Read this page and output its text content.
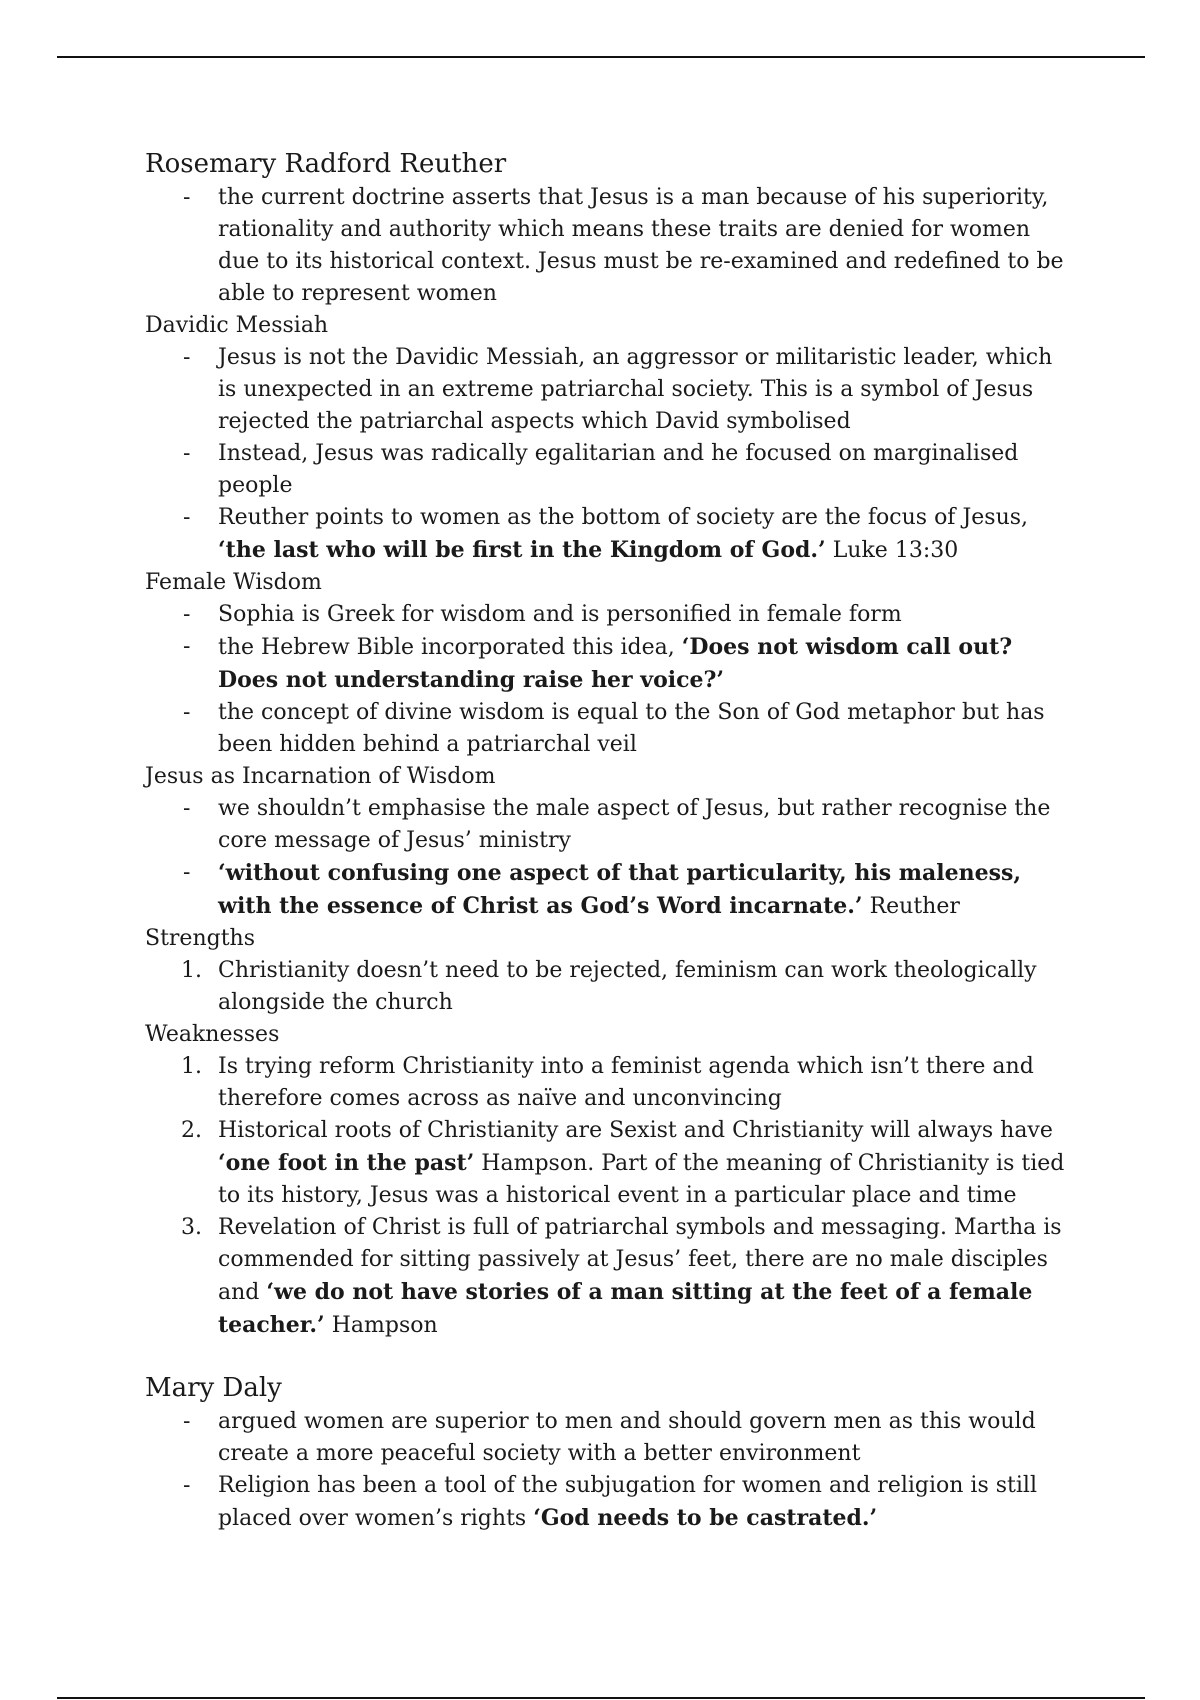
Rosemary Radford Reuther
- the current doctrine asserts that Jesus is a man because of his superiority, rationality and authority which means these traits are denied for women due to its historical context. Jesus must be re-examined and redefined to be able to represent women

Davidic Messiah

- Jesus is not the Davidic Messiah, an aggressor or militaristic leader, which is unexpected in an extreme patriarchal society. This is a symbol of Jesus rejected the patriarchal aspects which David symbolised
- Instead, Jesus was radically egalitarian and he focused on marginalised people
- Reuther points to women as the bottom of society are the focus of Jesus, ‘the last who will be first in the Kingdom of God.’ Luke 13:30

Female Wisdom

- Sophia is Greek for wisdom and is personified in female form
- the Hebrew Bible incorporated this idea, ‘Does not wisdom call out? Does not understanding raise her voice?’
- the concept of divine wisdom is equal to the Son of God metaphor but has been hidden behind a patriarchal veil

Jesus as Incarnation of Wisdom

- we shouldn’t emphasise the male aspect of Jesus, but rather recognise the core message of Jesus’ ministry
- ‘without confusing one aspect of that particularity, his maleness, with the essence of Christ as God’s Word incarnate.’ Reuther

Strengths

1. Christianity doesn’t need to be rejected, feminism can work theologically alongside the church

Weaknesses

1. Is trying reform Christianity into a feminist agenda which isn’t there and therefore comes across as naïve and unconvincing
2. Historical roots of Christianity are Sexist and Christianity will always have ‘one foot in the past’ Hampson. Part of the meaning of Christianity is tied to its history, Jesus was a historical event in a particular place and time
3. Revelation of Christ is full of patriarchal symbols and messaging. Martha is commended for sitting passively at Jesus’ feet, there are no male disciples and ‘we do not have stories of a man sitting at the feet of a female teacher.’ Hampson
Mary Daly
- argued women are superior to men and should govern men as this would create a more peaceful society with a better environment
- Religion has been a tool of the subjugation for women and religion is still placed over women’s rights ‘God needs to be castrated.’
